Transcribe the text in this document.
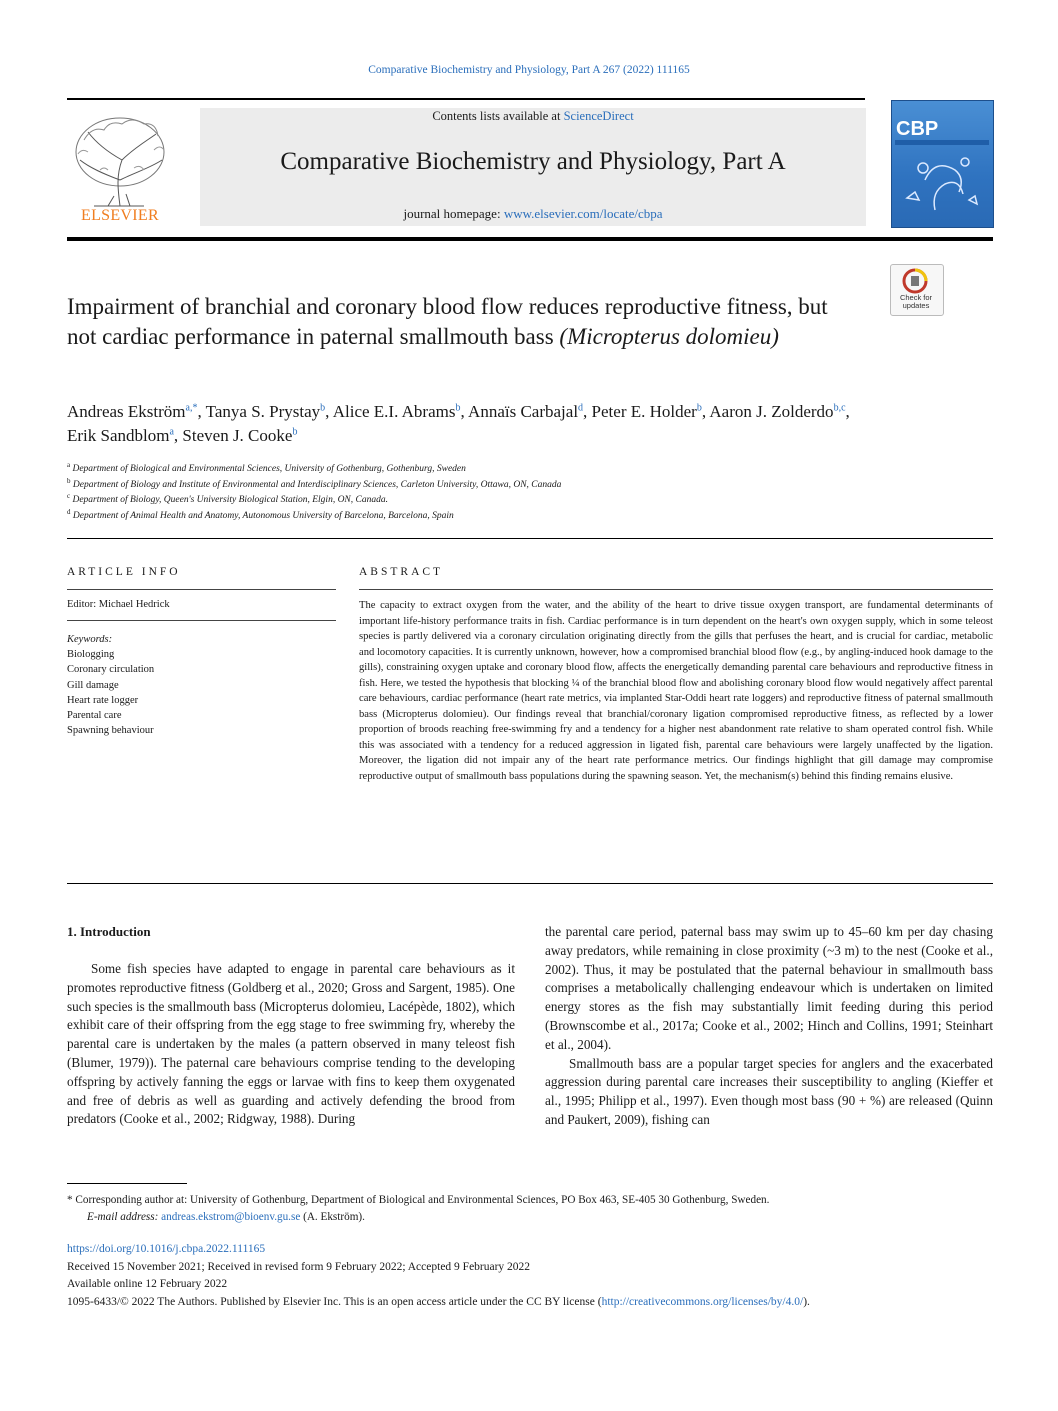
Comparative Biochemistry and Physiology, Part A 267 (2022) 111165
ELSEVIER
Contents lists available at ScienceDirect
Comparative Biochemistry and Physiology, Part A
journal homepage: www.elsevier.com/locate/cbpa
CBP
Check for updates
Impairment of branchial and coronary blood flow reduces reproductive fitness, but not cardiac performance in paternal smallmouth bass (Micropterus dolomieu)
Andreas Ekström$^{a,*}$, Tanya S. Prystay$^b$, Alice E.I. Abrams$^b$, Annaïs Carbajal$^d$, Peter E. Holder$^b$, Aaron J. Zolderdo$^{b,c}$, Erik Sandblom$^a$, Steven J. Cooke$^b$
$^a$ Department of Biological and Environmental Sciences, University of Gothenburg, Gothenburg, Sweden
$^b$ Department of Biology and Institute of Environmental and Interdisciplinary Sciences, Carleton University, Ottawa, ON, Canada
$^c$ Department of Biology, Queen's University Biological Station, Elgin, ON, Canada.
$^d$ Department of Animal Health and Anatomy, Autonomous University of Barcelona, Barcelona, Spain
ARTICLE INFO
Editor: Michael Hedrick
Keywords:
Biologging
Coronary circulation
Gill damage
Heart rate logger
Parental care
Spawning behaviour
ABSTRACT
The capacity to extract oxygen from the water, and the ability of the heart to drive tissue oxygen transport, are fundamental determinants of important life-history performance traits in fish. Cardiac performance is in turn dependent on the heart's own oxygen supply, which in some teleost species is partly delivered via a coronary circulation originating directly from the gills that perfuses the heart, and is crucial for cardiac, metabolic and locomotory capacities. It is currently unknown, however, how a compromised branchial blood flow (e.g., by angling-induced hook damage to the gills), constraining oxygen uptake and coronary blood flow, affects the energetically demanding parental care behaviours and reproductive fitness in fish. Here, we tested the hypothesis that blocking ¼ of the branchial blood flow and abolishing coronary blood flow would negatively affect parental care behaviours, cardiac performance (heart rate metrics, via implanted Star-Oddi heart rate loggers) and reproductive fitness of paternal smallmouth bass (Micropterus dolomieu). Our findings reveal that branchial/coronary ligation compromised reproductive fitness, as reflected by a lower proportion of broods reaching free-swimming fry and a tendency for a higher nest abandonment rate relative to sham operated control fish. While this was associated with a tendency for a reduced aggression in ligated fish, parental care behaviours were largely unaffected by the ligation. Moreover, the ligation did not impair any of the heart rate performance metrics. Our findings highlight that gill damage may compromise reproductive output of smallmouth bass populations during the spawning season. Yet, the mechanism(s) behind this finding remains elusive.
1. Introduction

Some fish species have adapted to engage in parental care behaviours as it promotes reproductive fitness (Goldberg et al., 2020; Gross and Sargent, 1985). One such species is the smallmouth bass (Micropterus dolomieu, Lacépède, 1802), which exhibit care of their offspring from the egg stage to free swimming fry, whereby the parental care is undertaken by the males (a pattern observed in many teleost fish (Blumer, 1979)). The paternal care behaviours comprise tending to the developing offspring by actively fanning the eggs or larvae with fins to keep them oxygenated and free of debris as well as guarding and actively defending the brood from predators (Cooke et al., 2002; Ridgway, 1988). During

the parental care period, paternal bass may swim up to 45–60 km per day chasing away predators, while remaining in close proximity (~3 m) to the nest (Cooke et al., 2002). Thus, it may be postulated that the paternal behaviour in smallmouth bass comprises a metabolically challenging endeavour which is undertaken on limited energy stores as the fish may substantially limit feeding during this period (Brownscombe et al., 2017a; Cooke et al., 2002; Hinch and Collins, 1991; Steinhart et al., 2004).

Smallmouth bass are a popular target species for anglers and the exacerbated aggression during parental care increases their susceptibility to angling (Kieffer et al., 1995; Philipp et al., 1997). Even though most bass (90 + %) are released (Quinn and Paukert, 2009), fishing can

* Corresponding author at: University of Gothenburg, Department of Biological and Environmental Sciences, PO Box 463, SE-405 30 Gothenburg, Sweden.
E-mail address: andreas.ekstrom@bioenv.gu.se (A. Ekström).
https://doi.org/10.1016/j.cbpa.2022.111165
Received 15 November 2021; Received in revised form 9 February 2022; Accepted 9 February 2022
Available online 12 February 2022
1095-6433/© 2022 The Authors. Published by Elsevier Inc. This is an open access article under the CC BY license (http://creativecommons.org/licenses/by/4.0/).
